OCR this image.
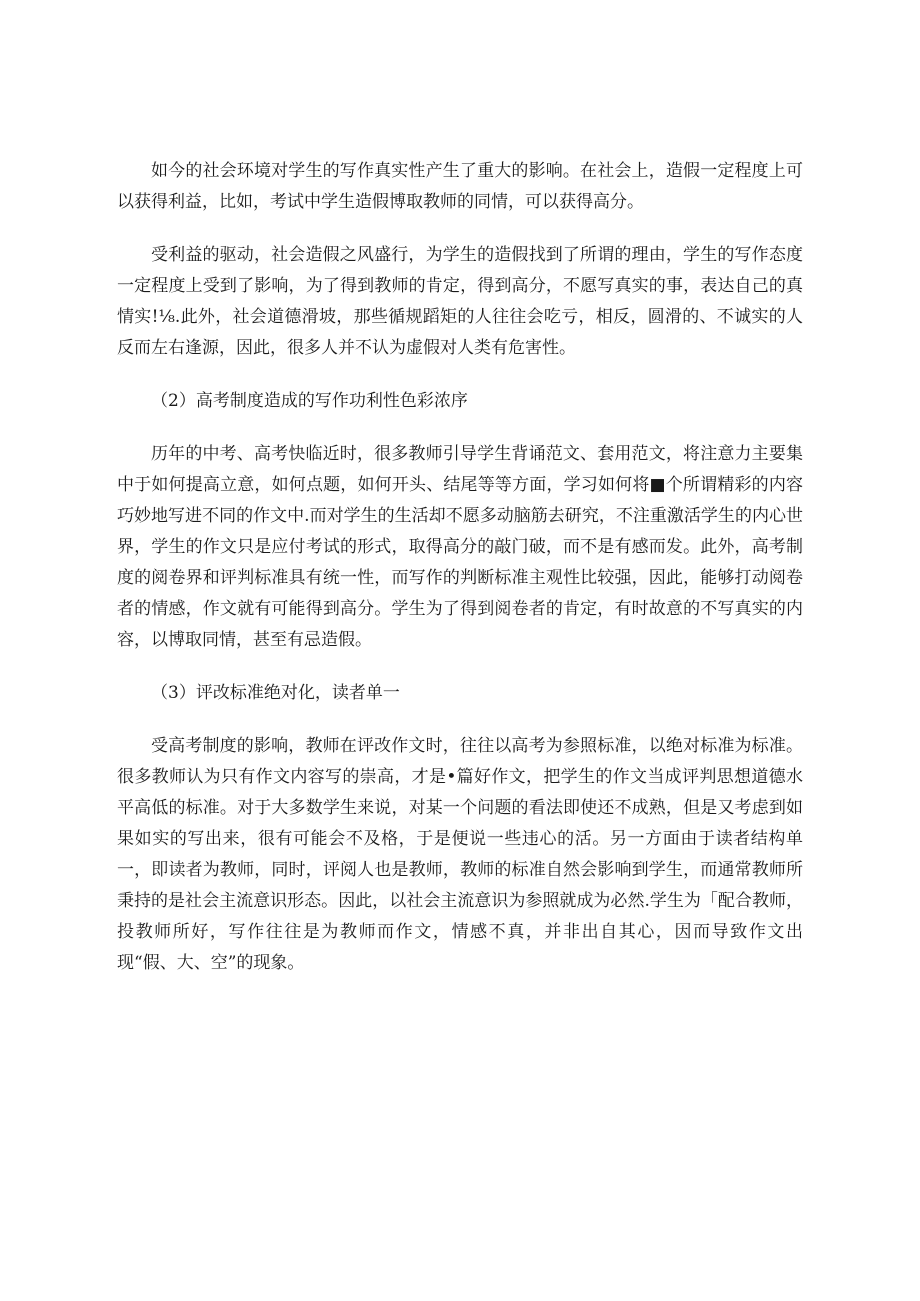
如今的社会环境对学生的写作真实性产生了重大的影响。在社会上，造假一定程度上可以获得利益，比如，考试中学生造假博取教师的同情，可以获得高分。

受利益的驱动，社会造假之风盛行，为学生的造假找到了所谓的理由，学生的写作态度一定程度上受到了影响，为了得到教师的肯定，得到高分，不愿写真实的事，表达自己的真情实!⅛.此外，社会道德滑坡，那些循规蹈矩的人往往会吃亏，相反，圆滑的、不诚实的人反而左右逢源，因此，很多人并不认为虚假对人类有危害性。

（2）高考制度造成的写作功利性色彩浓序

历年的中考、高考快临近时，很多教师引导学生背诵范文、套用范文，将注意力主要集中于如何提高立意，如何点题，如何开头、结尾等等方面，学习如何将■个所谓精彩的内容巧妙地写进不同的作文中.而对学生的生活却不愿多动脑筋去研究，不注重激活学生的内心世界，学生的作文只是应付考试的形式，取得高分的敲门破，而不是有感而发。此外，高考制度的阅卷界和评判标准具有统一性，而写作的判断标准主观性比较强，因此，能够打动阅卷者的情感，作文就有可能得到高分。学生为了得到阅卷者的肯定，有时故意的不写真实的内容，以博取同情，甚至有忌造假。

（3）评改标准绝对化，读者单一

受高考制度的影响，教师在评改作文时，往往以高考为参照标准，以绝对标准为标准。很多教师认为只有作文内容写的崇高，才是•篇好作文，把学生的作文当成评判思想道德水平高低的标准。对于大多数学生来说，对某一个问题的看法即使还不成熟，但是又考虑到如果如实的写出来，很有可能会不及格，于是便说一些违心的活。另一方面由于读者结构单一，即读者为教师，同时，评阅人也是教师，教师的标准自然会影响到学生，而通常教师所秉持的是社会主流意识形态。因此，以社会主流意识为参照就成为必然.学生为「配合教师，投教师所好，写作往往是为教师而作文，情感不真，并非出自其心，因而导致作文出现“假、大、空”的现象。
